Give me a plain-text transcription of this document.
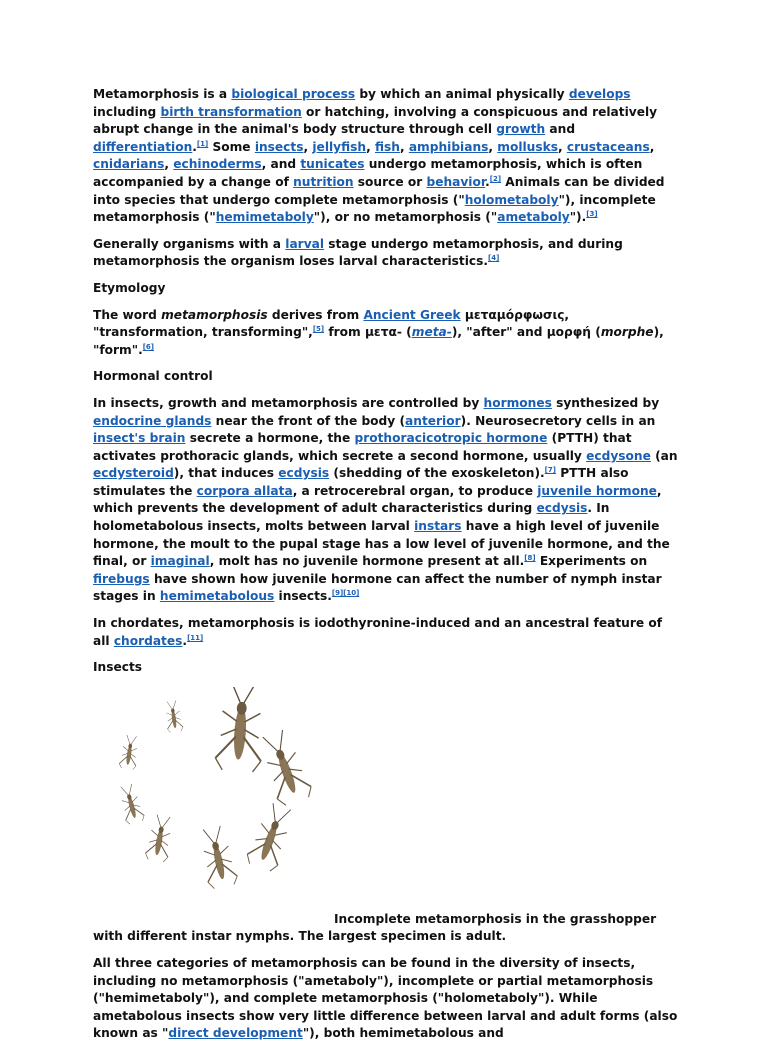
Metamorphosis is a biological process by which an animal physically develops including birth transformation or hatching, involving a conspicuous and relatively abrupt change in the animal's body structure through cell growth and differentiation.[1] Some insects, jellyfish, fish, amphibians, mollusks, crustaceans, cnidarians, echinoderms, and tunicates undergo metamorphosis, which is often accompanied by a change of nutrition source or behavior.[2] Animals can be divided into species that undergo complete metamorphosis ("holometaboly"), incomplete metamorphosis ("hemimetaboly"), or no metamorphosis ("ametaboly").[3]

Generally organisms with a larval stage undergo metamorphosis, and during metamorphosis the organism loses larval characteristics.[4]

Etymology

The word metamorphosis derives from Ancient Greek μεταμόρφωσις, "transformation, transforming",[5] from μετα- (meta-), "after" and μορφή (morphe), "form".[6]

Hormonal control

In insects, growth and metamorphosis are controlled by hormones synthesized by endocrine glands near the front of the body (anterior). Neurosecretory cells in an insect's brain secrete a hormone, the prothoracicotropic hormone (PTTH) that activates prothoracic glands, which secrete a second hormone, usually ecdysone (an ecdysteroid), that induces ecdysis (shedding of the exoskeleton).[7] PTTH also stimulates the corpora allata, a retrocerebral organ, to produce juvenile hormone, which prevents the development of adult characteristics during ecdysis. In holometabolous insects, molts between larval instars have a high level of juvenile hormone, the moult to the pupal stage has a low level of juvenile hormone, and the final, or imaginal, molt has no juvenile hormone present at all.[8] Experiments on firebugs have shown how juvenile hormone can affect the number of nymph instar stages in hemimetabolous insects.[9][10]

In chordates, metamorphosis is iodothyronine-induced and an ancestral feature of all chordates.[11]

Insects

Incomplete metamorphosis in the grasshopper with different instar nymphs. The largest specimen is adult.

All three categories of metamorphosis can be found in the diversity of insects, including no metamorphosis ("ametaboly"), incomplete or partial metamorphosis ("hemimetaboly"), and complete metamorphosis ("holometaboly"). While ametabolous insects show very little difference between larval and adult forms (also known as "direct development"), both hemimetabolous and
